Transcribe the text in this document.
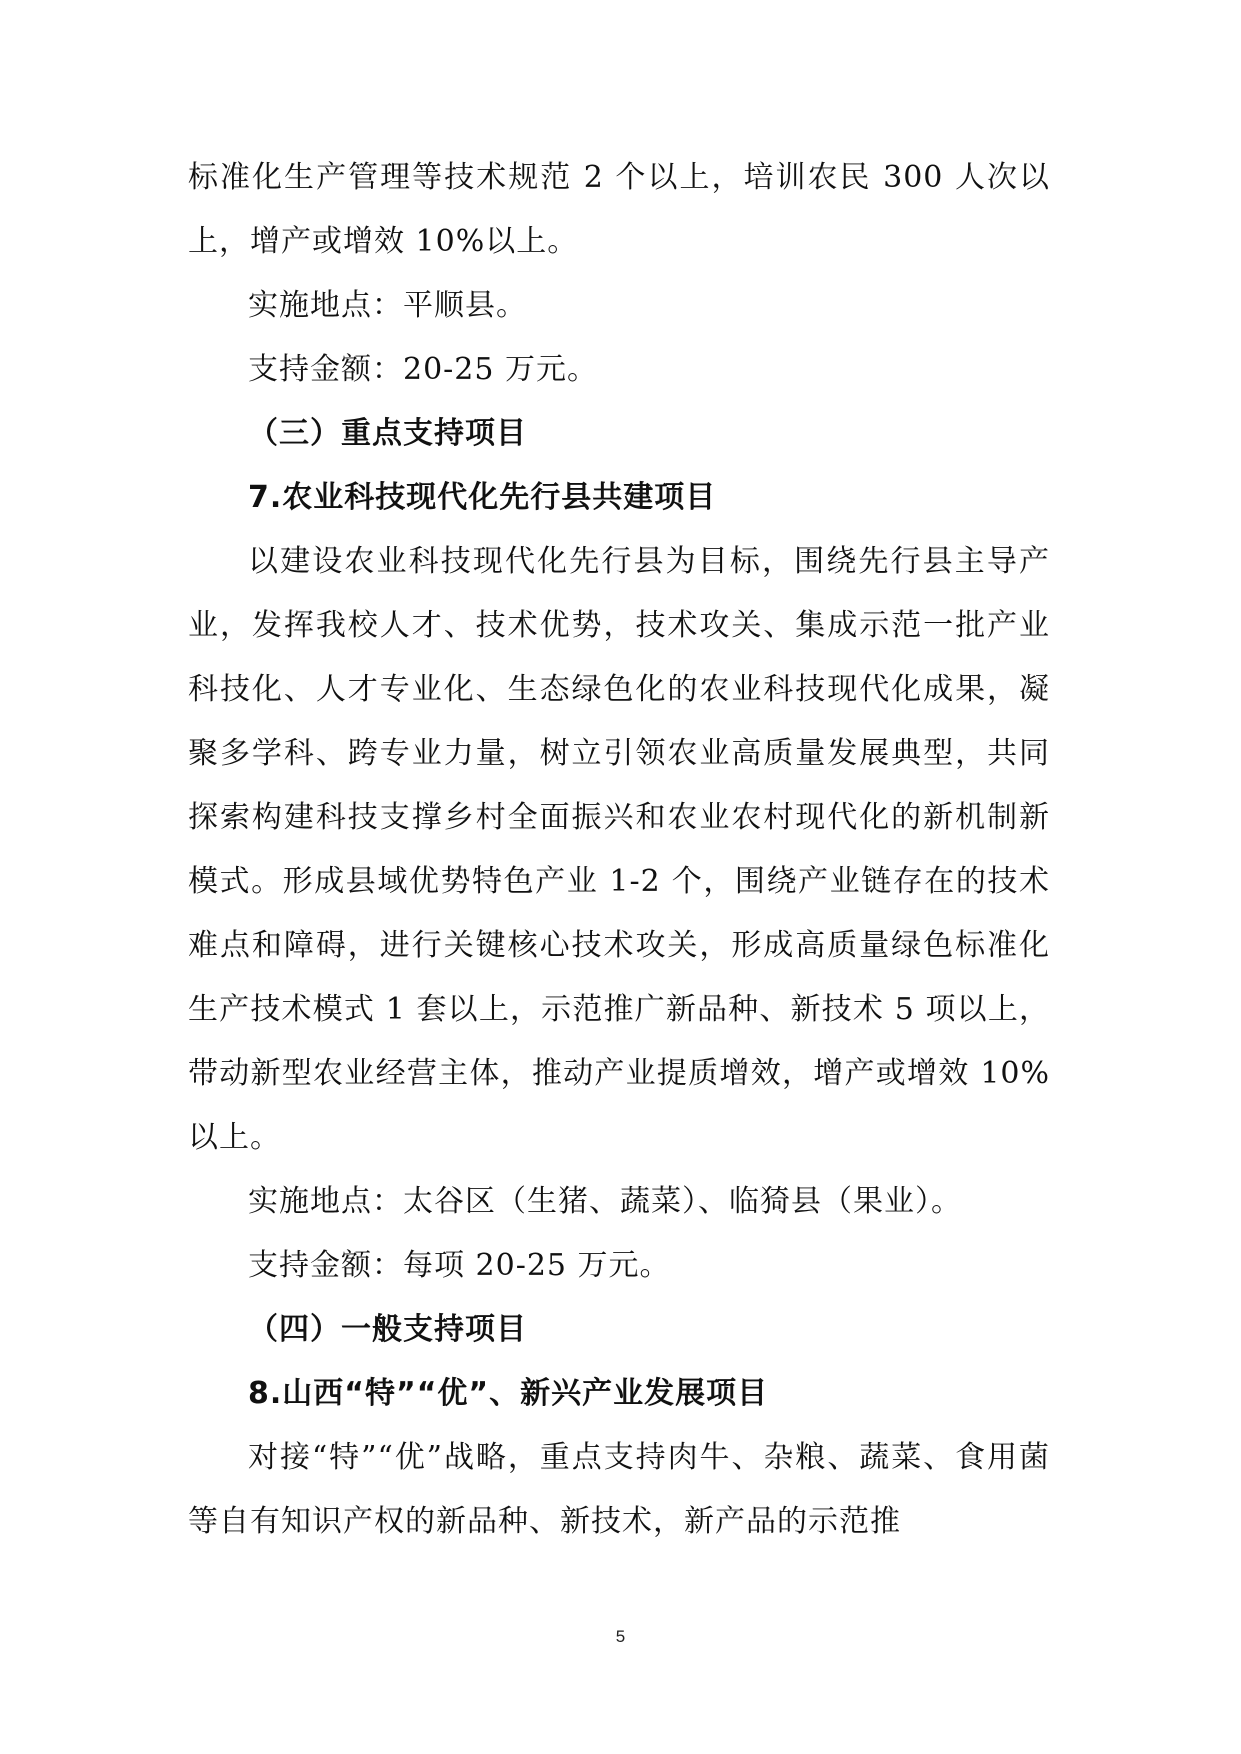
标准化生产管理等技术规范 2 个以上，培训农民 300 人次以上，增产或增效 10%以上。

实施地点：平顺县。

支持金额：20-25 万元。

（三）重点支持项目

7.农业科技现代化先行县共建项目

以建设农业科技现代化先行县为目标，围绕先行县主导产业，发挥我校人才、技术优势，技术攻关、集成示范一批产业科技化、人才专业化、生态绿色化的农业科技现代化成果，凝聚多学科、跨专业力量，树立引领农业高质量发展典型，共同探索构建科技支撑乡村全面振兴和农业农村现代化的新机制新模式。形成县域优势特色产业 1-2 个，围绕产业链存在的技术难点和障碍，进行关键核心技术攻关，形成高质量绿色标准化生产技术模式 1 套以上，示范推广新品种、新技术 5 项以上，带动新型农业经营主体，推动产业提质增效，增产或增效 10%以上。

实施地点：太谷区（生猪、蔬菜）、临猗县（果业）。

支持金额：每项 20-25 万元。

（四）一般支持项目

8.山西“特”“优”、新兴产业发展项目

对接“特”“优”战略，重点支持肉牛、杂粮、蔬菜、食用菌等自有知识产权的新品种、新技术，新产品的示范推

5
